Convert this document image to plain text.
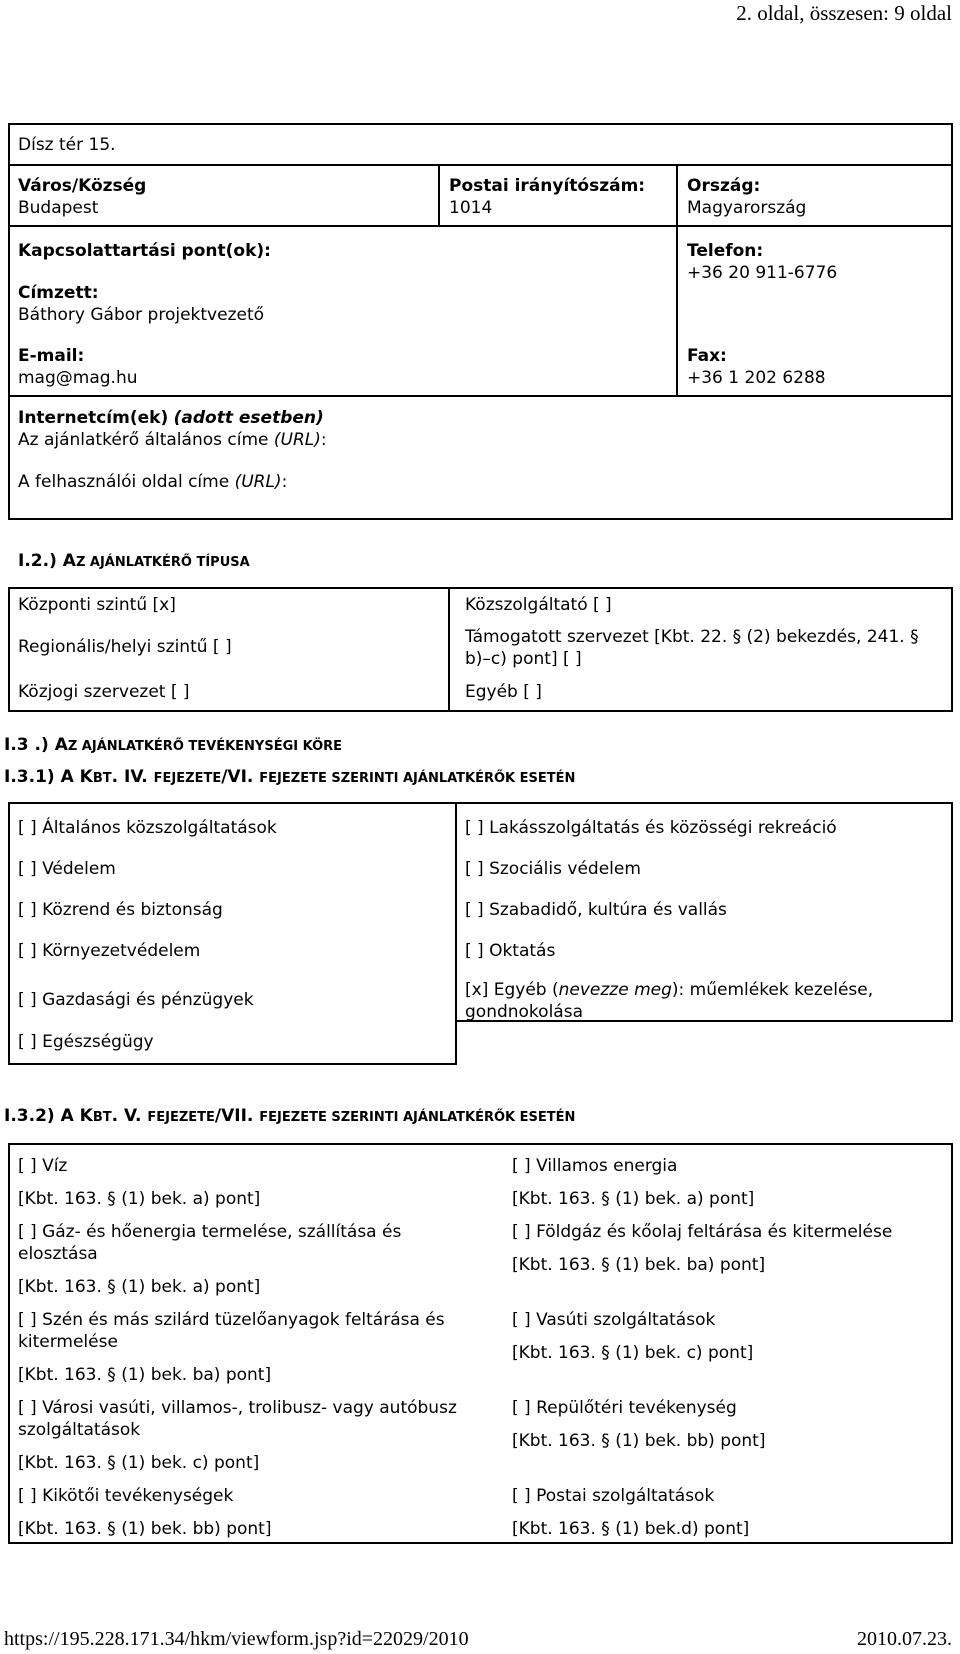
2. oldal, összesen: 9 oldal
https://195.228.171.34/hkm/viewform.jsp?id=22029/2010	2010.07.23.
Dísz tér 15.
Város/Község
Budapest
Postai irányítószám:
1014
Ország:
Magyarország
Kapcsolattartási pont(ok):	Telefon:
+36 20 911-6776
Címzett:
Báthory Gábor projektvezető
E-mail:
mag@mag.hu
Fax:
+36 1 202 6288
Internetcím(ek) (adott esetben)
Az ajánlatkérő általános címe (URL):
A felhasználói oldal címe (URL):
I.2.) AZ AJÁNLATKÉRŐ TÍPUSA
Központi szintű [x]	Közszolgáltató [ ]
Regionális/helyi szintű [ ]	Támogatott szervezet [Kbt. 22. § (2) bekezdés, 241. § b)–c) pont] [ ]
Közjogi szervezet [ ]	Egyéb [ ]
I.3 .) AZ AJÁNLATKÉRŐ TEVÉKENYSÉGI KÖRE
I.3.1) A KBT. IV. FEJEZETE/VI. FEJEZETE SZERINTI AJÁNLATKÉRŐK ESETÉN
[ ] Általános közszolgáltatások
[ ] Védelem
[ ] Közrend és biztonság
[ ] Környezetvédelem
[ ] Gazdasági és pénzügyek
[ ] Egészségügy
[ ] Lakásszolgáltatás és közösségi rekreáció
[ ] Szociális védelem
[ ] Szabadidő, kultúra és vallás
[ ] Oktatás
[x] Egyéb (nevezze meg): műemlékek kezelése, gondnokolása
I.3.2) A KBT. V. FEJEZETE/VII. FEJEZETE SZERINTI AJÁNLATKÉRŐK ESETÉN
[ ] Víz
[Kbt. 163. § (1) bek. a) pont]
[ ] Gáz- és hőenergia termelése, szállítása és elosztása
[Kbt. 163. § (1) bek. a) pont]
[ ] Szén és más szilárd tüzelőanyagok feltárása és kitermelése
[Kbt. 163. § (1) bek. ba) pont]
[ ] Városi vasúti, villamos-, trolibusz- vagy autóbusz szolgáltatások
[Kbt. 163. § (1) bek. c) pont]
[ ] Kikötői tevékenységek
[Kbt. 163. § (1) bek. bb) pont]
[ ] Villamos energia
[Kbt. 163. § (1) bek. a) pont]
[ ] Földgáz és kőolaj feltárása és kitermelése
[Kbt. 163. § (1) bek. ba) pont]
[ ] Vasúti szolgáltatások
[Kbt. 163. § (1) bek. c) pont]
[ ] Repülőtéri tevékenység
[Kbt. 163. § (1) bek. bb) pont]
[ ] Postai szolgáltatások
[Kbt. 163. § (1) bek.d) pont]
